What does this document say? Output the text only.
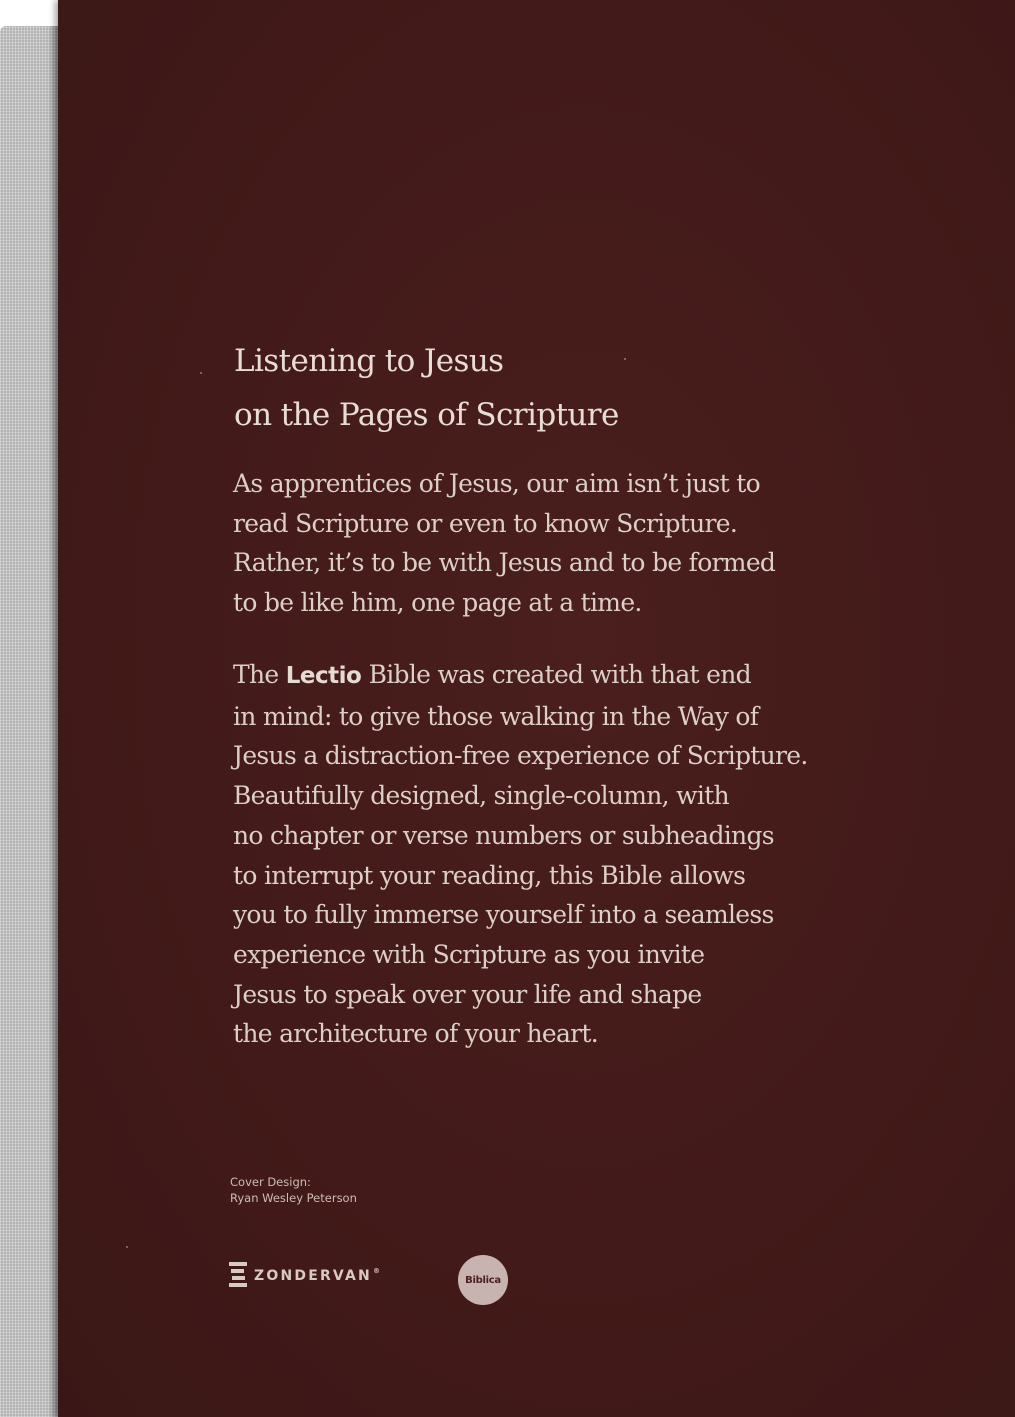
Listening to Jesus
on the Pages of Scripture

As apprentices of Jesus, our aim isn’t just to
read Scripture or even to know Scripture.
Rather, it’s to be with Jesus and to be formed
to be like him, one page at a time.

The Lectio Bible was created with that end
in mind: to give those walking in the Way of
Jesus a distraction-free experience of Scripture.
Beautifully designed, single-column, with
no chapter or verse numbers or subheadings
to interrupt your reading, this Bible allows
you to fully immerse yourself into a seamless
experience with Scripture as you invite
Jesus to speak over your life and shape
the architecture of your heart.

Cover Design:
Ryan Wesley Peterson
ZONDERVAN ®
Biblica
